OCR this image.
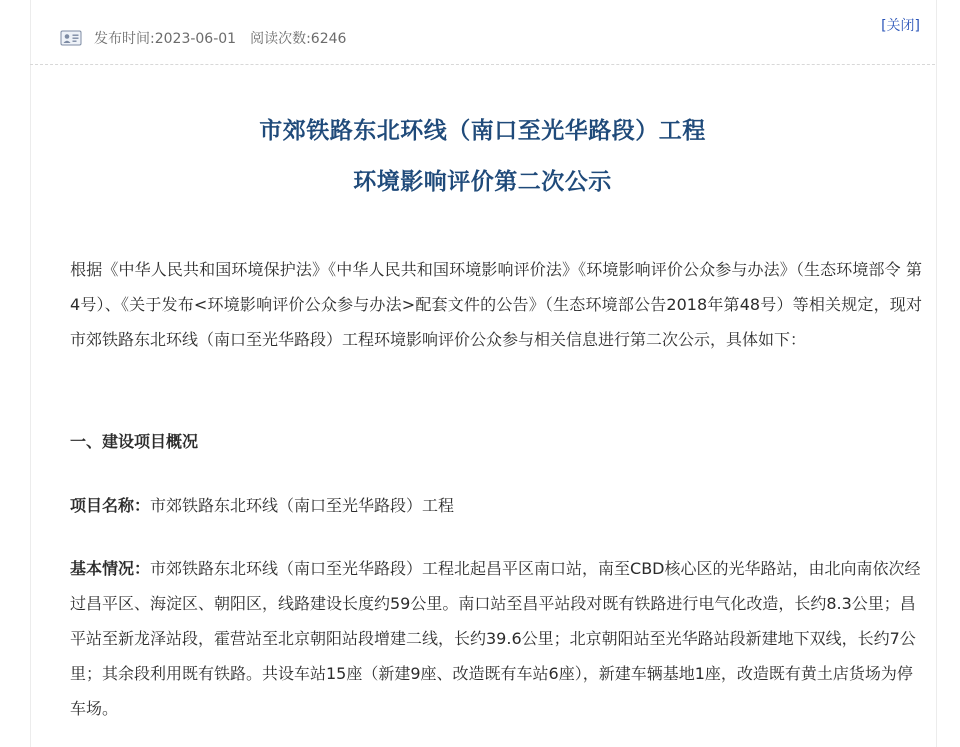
发布时间:2023-06-01 阅读次数:6246
[关闭]
市郊铁路东北环线（南口至光华路段）工程
环境影响评价第二次公示
根据《中华人民共和国环境保护法》《中华人民共和国环境影响评价法》《环境影响评价公众参与办法》（生态环境部令 第4号）、《关于发布<环境影响评价公众参与办法>配套文件的公告》（生态环境部公告2018年第48号）等相关规定，现对市郊铁路东北环线（南口至光华路段）工程环境影响评价公众参与相关信息进行第二次公示，具体如下：
一、建设项目概况
项目名称：市郊铁路东北环线（南口至光华路段）工程
基本情况：市郊铁路东北环线（南口至光华路段）工程北起昌平区南口站，南至CBD核心区的光华路站，由北向南依次经过昌平区、海淀区、朝阳区，线路建设长度约59公里。南口站至昌平站段对既有铁路进行电气化改造，长约8.3公里；昌平站至新龙泽站段，霍营站至北京朝阳站段增建二线，长约39.6公里；北京朝阳站至光华路站段新建地下双线，长约7公里；其余段利用既有铁路。共设车站15座（新建9座、改造既有车站6座），新建车辆基地1座，改造既有黄土店货场为停车场。
